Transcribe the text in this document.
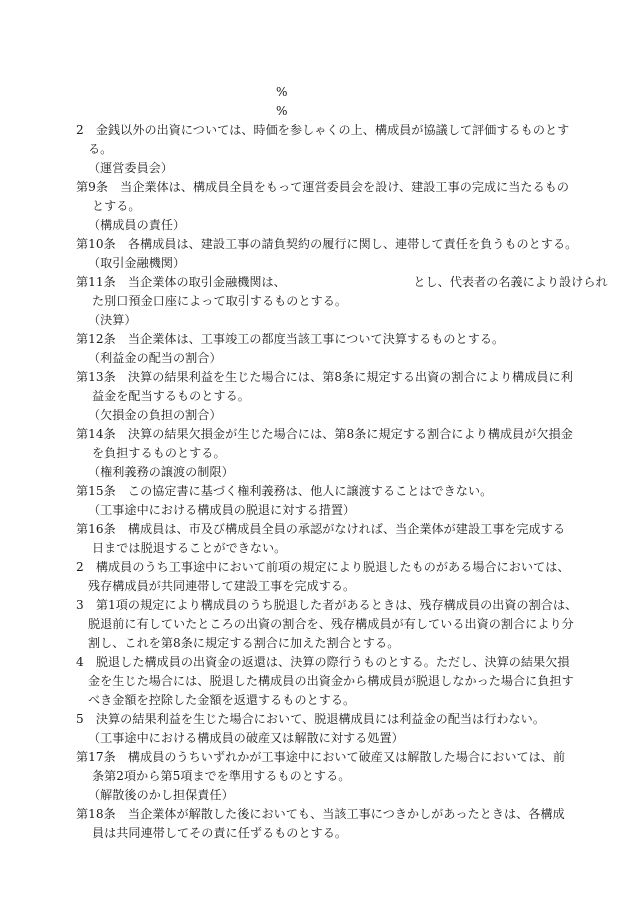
%
%
2　金銭以外の出資については、時価を参しゃくの上、構成員が協議して評価するものとす
る。
（運営委員会）
第9条　当企業体は、構成員全員をもって運営委員会を設け、建設工事の完成に当たるもの
とする。
（構成員の責任）
第10条　各構成員は、建設工事の請負契約の履行に関し、連帯して責任を負うものとする。
（取引金融機関）
第11条　当企業体の取引金融機関は、　　　　　　　　　　　とし、代表者の名義により設けられ
た別口預金口座によって取引するものとする。
（決算）
第12条　当企業体は、工事竣工の都度当該工事について決算するものとする。
（利益金の配当の割合）
第13条　決算の結果利益を生じた場合には、第8条に規定する出資の割合により構成員に利
益金を配当するものとする。
（欠損金の負担の割合）
第14条　決算の結果欠損金が生じた場合には、第8条に規定する割合により構成員が欠損金
を負担するものとする。
（権利義務の譲渡の制限）
第15条　この協定書に基づく権利義務は、他人に譲渡することはできない。
（工事途中における構成員の脱退に対する措置）
第16条　構成員は、市及び構成員全員の承認がなければ、当企業体が建設工事を完成する
日までは脱退することができない。
2　構成員のうち工事途中において前項の規定により脱退したものがある場合においては、
残存構成員が共同連帯して建設工事を完成する。
3　第1項の規定により構成員のうち脱退した者があるときは、残存構成員の出資の割合は、
脱退前に有していたところの出資の割合を、残存構成員が有している出資の割合により分
割し、これを第8条に規定する割合に加えた割合とする。
4　脱退した構成員の出資金の返還は、決算の際行うものとする。ただし、決算の結果欠損
金を生じた場合には、脱退した構成員の出資金から構成員が脱退しなかった場合に負担す
べき金額を控除した金額を返還するものとする。
5　決算の結果利益を生じた場合において、脱退構成員には利益金の配当は行わない。
（工事途中における構成員の破産又は解散に対する処置）
第17条　構成員のうちいずれかが工事途中において破産又は解散した場合においては、前
条第2項から第5項までを準用するものとする。
（解散後のかし担保責任）
第18条　当企業体が解散した後においても、当該工事につきかしがあったときは、各構成
員は共同連帯してその責に任ずるものとする。
